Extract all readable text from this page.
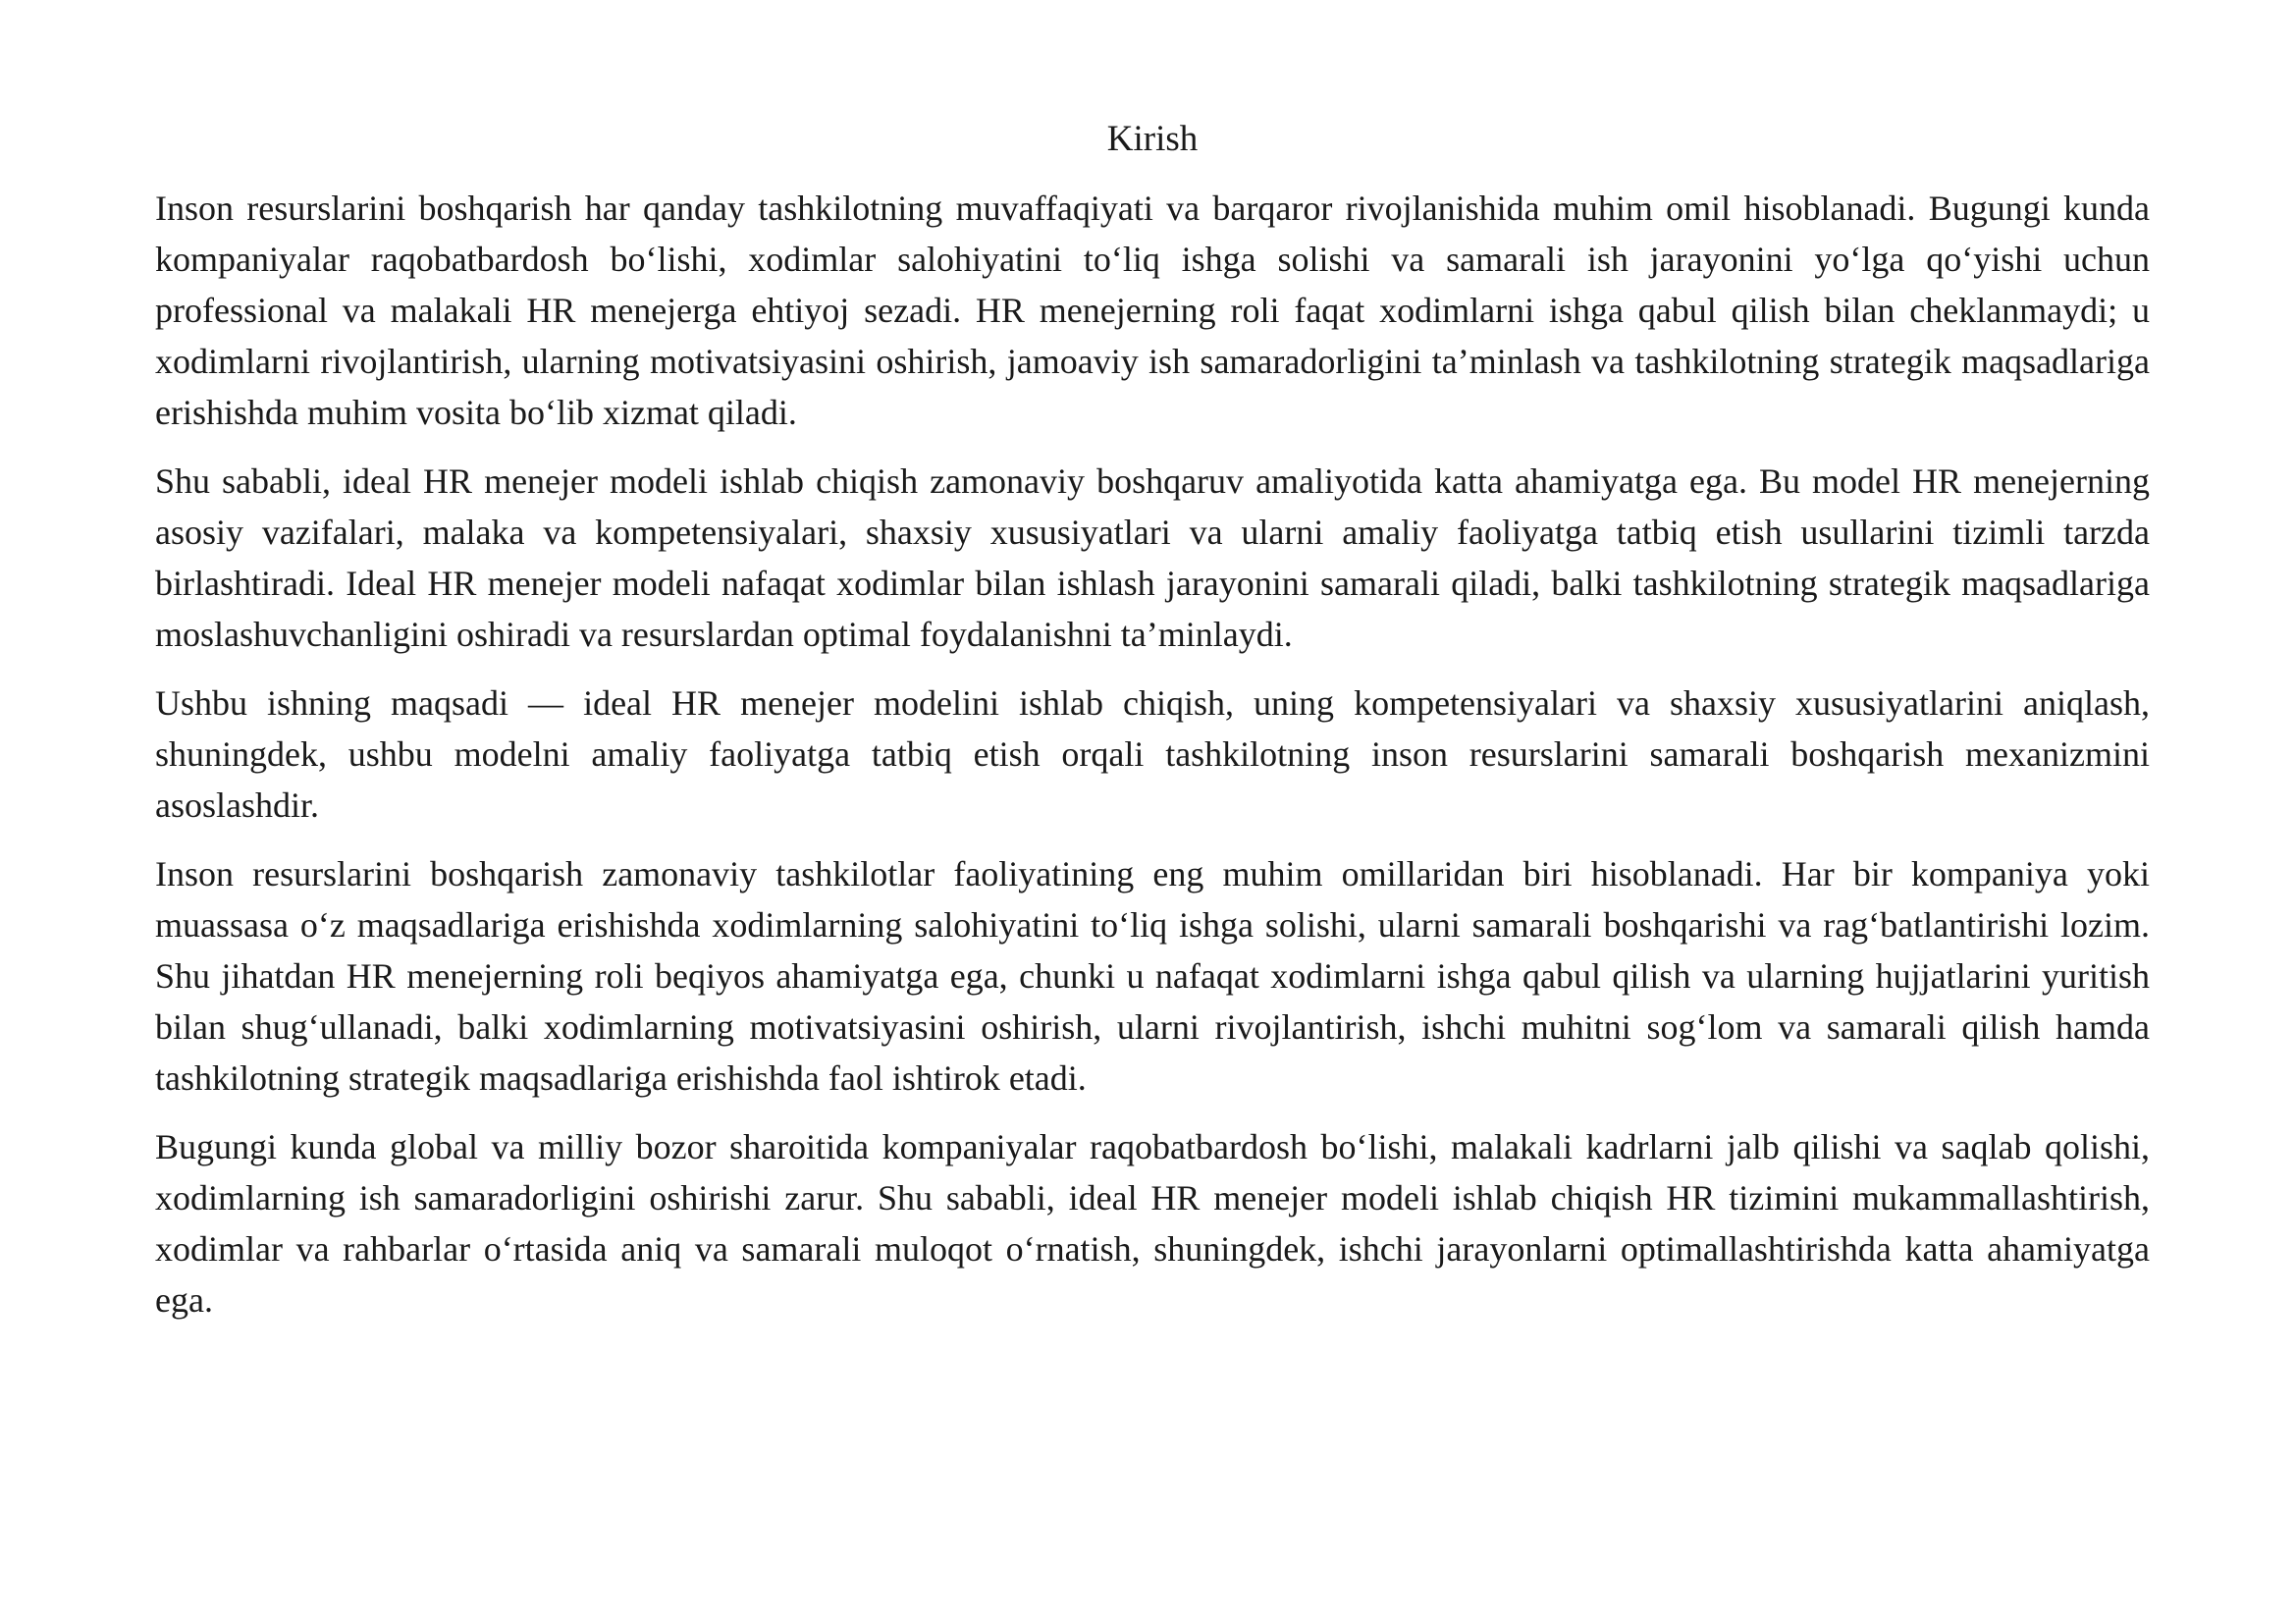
Kirish

Inson resurslarini boshqarish har qanday tashkilotning muvaffaqiyati va barqaror rivojlanishida muhim omil hisoblanadi. Bugungi kunda kompaniyalar raqobatbardosh bo‘lishi, xodimlar salohiyatini to‘liq ishga solishi va samarali ish jarayonini yo‘lga qo‘yishi uchun professional va malakali HR menejerga ehtiyoj sezadi. HR menejerning roli faqat xodimlarni ishga qabul qilish bilan cheklanmaydi; u xodimlarni rivojlantirish, ularning motivatsiyasini oshirish, jamoaviy ish samaradorligini ta’minlash va tashkilotning strategik maqsadlariga erishishda muhim vosita bo‘lib xizmat qiladi.

Shu sababli, ideal HR menejer modeli ishlab chiqish zamonaviy boshqaruv amaliyotida katta ahamiyatga ega. Bu model HR menejerning asosiy vazifalari, malaka va kompetensiyalari, shaxsiy xususiyatlari va ularni amaliy faoliyatga tatbiq etish usullarini tizimli tarzda birlashtiradi. Ideal HR menejer modeli nafaqat xodimlar bilan ishlash jarayonini samarali qiladi, balki tashkilotning strategik maqsadlariga moslashuvchanligini oshiradi va resurslardan optimal foydalanishni ta’minlaydi.

Ushbu ishning maqsadi — ideal HR menejer modelini ishlab chiqish, uning kompetensiyalari va shaxsiy xususiyatlarini aniqlash, shuningdek, ushbu modelni amaliy faoliyatga tatbiq etish orqali tashkilotning inson resurslarini samarali boshqarish mexanizmini asoslashdir.

Inson resurslarini boshqarish zamonaviy tashkilotlar faoliyatining eng muhim omillaridan biri hisoblanadi. Har bir kompaniya yoki muassasa o‘z maqsadlariga erishishda xodimlarning salohiyatini to‘liq ishga solishi, ularni samarali boshqarishi va rag‘batlantirishi lozim. Shu jihatdan HR menejerning roli beqiyos ahamiyatga ega, chunki u nafaqat xodimlarni ishga qabul qilish va ularning hujjatlarini yuritish bilan shug‘ullanadi, balki xodimlarning motivatsiyasini oshirish, ularni rivojlantirish, ishchi muhitni sog‘lom va samarali qilish hamda tashkilotning strategik maqsadlariga erishishda faol ishtirok etadi.

Bugungi kunda global va milliy bozor sharoitida kompaniyalar raqobatbardosh bo‘lishi, malakali kadrlarni jalb qilishi va saqlab qolishi, xodimlarning ish samaradorligini oshirishi zarur. Shu sababli, ideal HR menejer modeli ishlab chiqish HR tizimini mukammallashtirish, xodimlar va rahbarlar o‘rtasida aniq va samarali muloqot o‘rnatish, shuningdek, ishchi jarayonlarni optimallashtirishda katta ahamiyatga ega.
